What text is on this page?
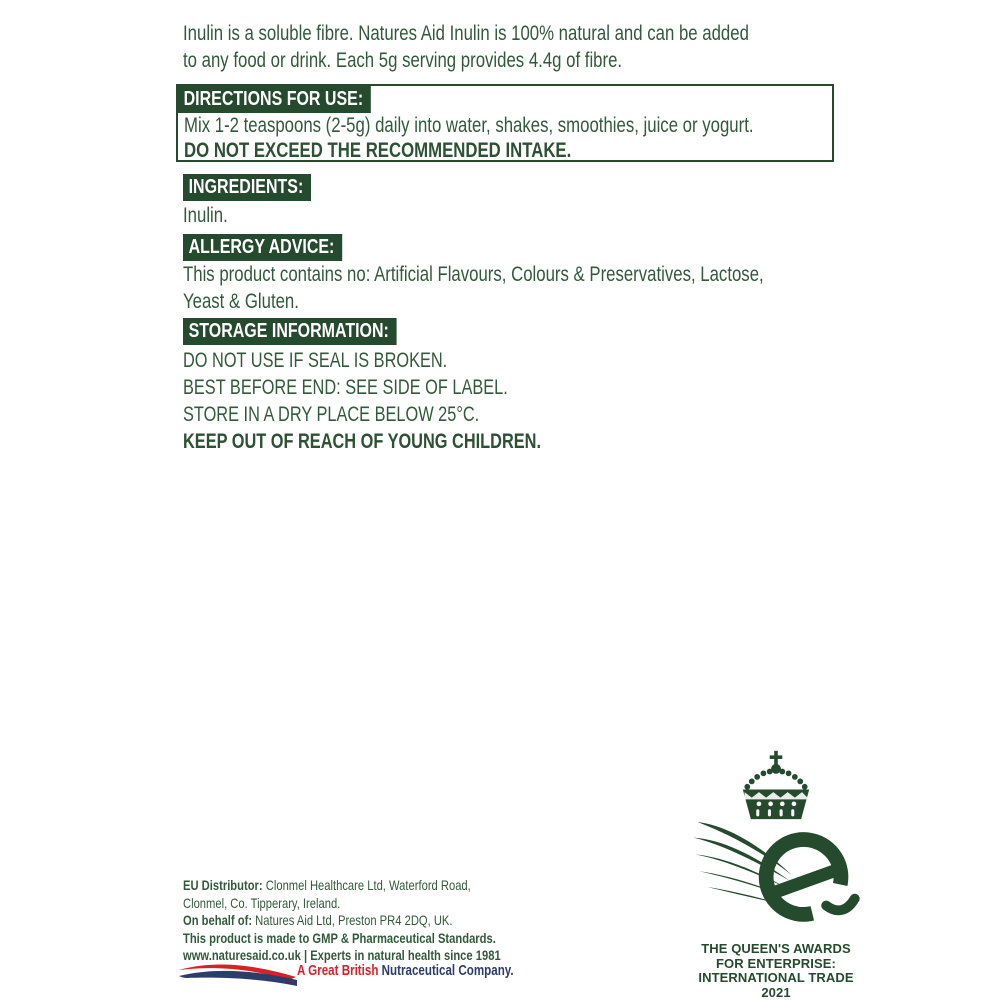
Inulin is a soluble fibre. Natures Aid Inulin is 100% natural and can be added
to any food or drink. Each 5g serving provides 4.4g of fibre.
DIRECTIONS FOR USE:
Mix 1-2 teaspoons (2-5g) daily into water, shakes, smoothies, juice or yogurt.
DO NOT EXCEED THE RECOMMENDED INTAKE.
INGREDIENTS:
Inulin.
ALLERGY ADVICE:
This product contains no: Artificial Flavours, Colours & Preservatives, Lactose,
Yeast & Gluten.
STORAGE INFORMATION:
DO NOT USE IF SEAL IS BROKEN.
BEST BEFORE END: SEE SIDE OF LABEL.
STORE IN A DRY PLACE BELOW 25°C.
KEEP OUT OF REACH OF YOUNG CHILDREN.
THE QUEEN'S AWARDS
FOR ENTERPRISE:
INTERNATIONAL TRADE
2021
EU Distributor: Clonmel Healthcare Ltd, Waterford Road,
Clonmel, Co. Tipperary, Ireland.
On behalf of: Natures Aid Ltd, Preston PR4 2DQ, UK.
This product is made to GMP & Pharmaceutical Standards.
www.naturesaid.co.uk | Experts in natural health since 1981
A Great British Nutraceutical Company.
